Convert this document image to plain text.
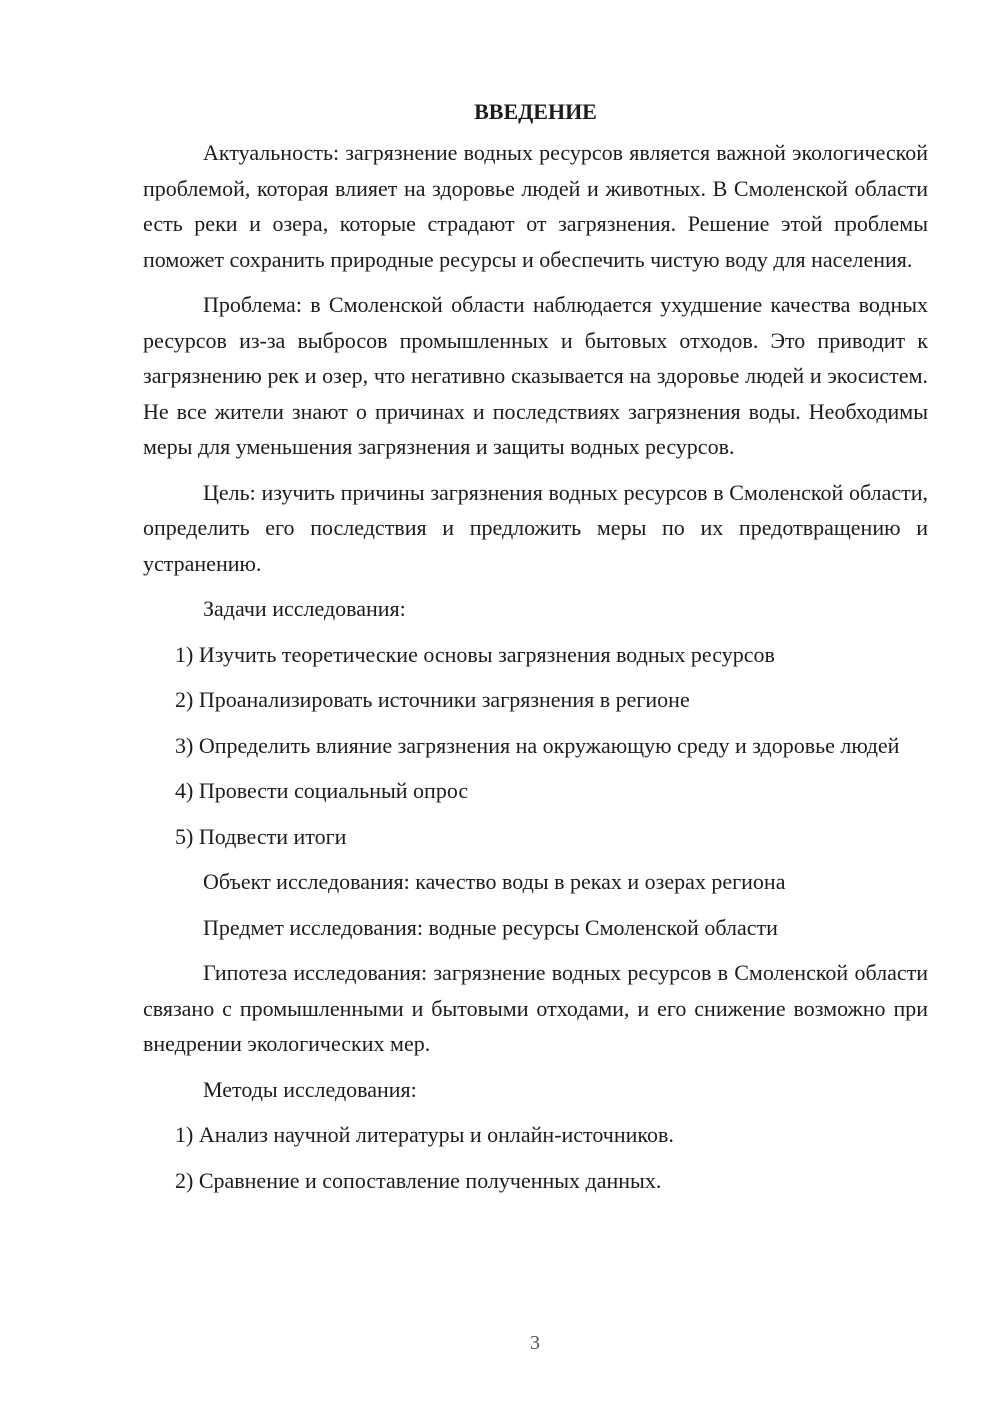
ВВЕДЕНИЕ

Актуальность: загрязнение водных ресурсов является важной экологической проблемой, которая влияет на здоровье людей и животных. В Смоленской области есть реки и озера, которые страдают от загрязнения. Решение этой проблемы поможет сохранить природные ресурсы и обеспечить чистую воду для населения.

Проблема: в Смоленской области наблюдается ухудшение качества водных ресурсов из-за выбросов промышленных и бытовых отходов. Это приводит к загрязнению рек и озер, что негативно сказывается на здоровье людей и экосистем. Не все жители знают о причинах и последствиях загрязнения воды. Необходимы меры для уменьшения загрязнения и защиты водных ресурсов.

Цель: изучить причины загрязнения водных ресурсов в Смоленской области, определить его последствия и предложить меры по их предотвращению и устранению.

Задачи исследования:

1) Изучить теоретические основы загрязнения водных ресурсов

2) Проанализировать источники загрязнения в регионе

3) Определить влияние загрязнения на окружающую среду и здоровье людей

4) Провести социальный опрос

5) Подвести итоги

Объект исследования: качество воды в реках и озерах региона

Предмет исследования: водные ресурсы Смоленской области

Гипотеза исследования: загрязнение водных ресурсов в Смоленской области связано с промышленными и бытовыми отходами, и его снижение возможно при внедрении экологических мер.

Методы исследования:

1) Анализ научной литературы и онлайн-источников.

2) Сравнение и сопоставление полученных данных.

3
